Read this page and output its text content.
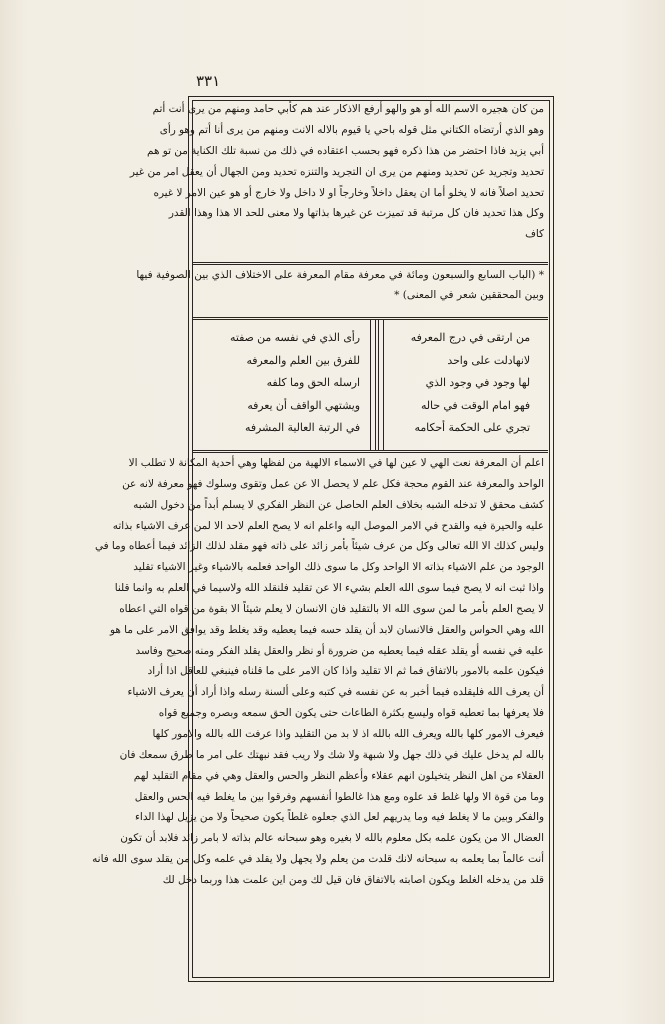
٣٣١
من كان هجيره الاسم الله أو هو والهو أرفع الاذكار عند هم كأبي حامد ومنهم من يرى أنت أتم
وهو الذي أرتضاه الكتاني مثل قوله باحي يا قيوم بالاله الانت ومنهم من يرى أنا أتم وهو رأى
أبي يزيد فاذا احتضر من هذا ذكره فهو بحسب اعتقاده في ذلك من نسبة تلك الكناية من تو هم
تحديد وتجريد عن تحديد ومنهم من يرى ان التجريد والتنزه تحديد ومن الجهال أن يعقل امر من غير
تحديد اصلاً فانه لا يخلو أما ان يعقل داخلاً وخارجاً او لا داخل ولا خارج أو هو عين الامر لا غيره
وكل هذا تحديد فان كل مرتبة قد تميزت عن غيرها بذاتها ولا معنى للحد الا هذا وهذا القدر
كاف
* (الباب السابع والسبعون ومائة في معرفة مقام المعرفة على الاختلاف الذي بين الصوفية فيها
وبين المحققين شعر في المعنى) *
من ارتقى في درج المعرفه
لانهادلت على واحد
لها وجود في وجود الذي
فهو امام الوقت في حاله
تجري على الحكمة أحكامه
رأى الذي في نفسه من صفته
للفرق بين العلم والمعرفه
ارسله الحق وما كلفه
ويشتهي الواقف أن يعرفه
في الرتبة العالية المشرفه
اعلم أن المعرفة نعت الهي لا عين لها في الاسماء الالهية من لفظها وهي أحدية المكانة لا تطلب الا
الواحد والمعرفة عند القوم محجة فكل علم لا يحصل الا عن عمل وتقوى وسلوك فهو معرفة لانه عن
كشف محقق لا تدخله الشبه بخلاف العلم الحاصل عن النظر الفكري لا يسلم أبداً من دخول الشبه
عليه والحيرة فيه والقدح في الامر الموصل اليه واعلم انه لا يصح العلم لاحد الا لمن عرف الاشياء بذاته
وليس كذلك الا الله تعالى وكل من عرف شيئاً بأمر زائد على ذاته فهو مقلد لذلك الزائد فيما أعطاه وما في
الوجود من علم الاشياء بذاته الا الواحد وكل ما سوى ذلك الواحد فعلمه بالاشياء وغير الاشياء تقليد
واذا ثبت انه لا يصح فيما سوى الله العلم بشيء الا عن تقليد فلنقلد الله ولاسيما في العلم به وانما قلنا
لا يصح العلم بأمر ما لمن سوى الله الا بالتقليد فان الانسان لا يعلم شيئاً الا بقوة من قواه التي اعطاه
الله وهي الحواس والعقل فالانسان لابد أن يقلد حسه فيما يعطيه وقد يغلط وقد يوافق الامر على ما هو
عليه في نفسه أو يقلد عقله فيما يعطيه من ضرورة أو نظر والعقل يقلد الفكر ومنه صحيح وفاسد
فيكون علمه بالامور بالاتفاق فما ثم الا تقليد واذا كان الامر على ما قلناه فينبغي للعاقل اذا أراد
أن يعرف الله فليقلده فيما أخبر به عن نفسه في كتبه وعلى ألسنة رسله واذا أراد أن يعرف الاشياء
فلا يعرفها بما تعطيه قواه وليسع بكثرة الطاعات حتى يكون الحق سمعه وبصره وجميع قواه
فيعرف الامور كلها بالله ويعرف الله بالله اذ لا بد من التقليد واذا عرفت الله بالله والامور كلها
بالله لم يدخل عليك في ذلك جهل ولا شبهة ولا شك ولا ريب فقد نبهتك على امر ما طرق سمعك فان
العقلاء من اهل النظر يتخيلون انهم عقلاء وأعظم النظر والحس والعقل وهي في مقام التقليد لهم
وما من قوة الا ولها غلط قد علوه ومع هذا غالطوا أنفسهم وفرقوا بين ما يغلط فيه الحس والعقل
والفكر وبين ما لا يغلط فيه وما يدريهم لعل الذي جعلوه غلطاً يكون صحيحاً ولا من يزيل لهذا الداء
العضال الا من يكون علمه بكل معلوم بالله لا بغيره وهو سبحانه عالم بذاته لا بامر زائد فلابد أن تكون
أنت عالماً بما يعلمه به سبحانه لانك قلدت من يعلم ولا يجهل ولا يقلد في علمه وكل من يقلد سوى الله فانه
قلد من يدخله الغلط ويكون اصابته بالاتفاق فان قيل لك ومن اين علمت هذا وربما دخل لك
